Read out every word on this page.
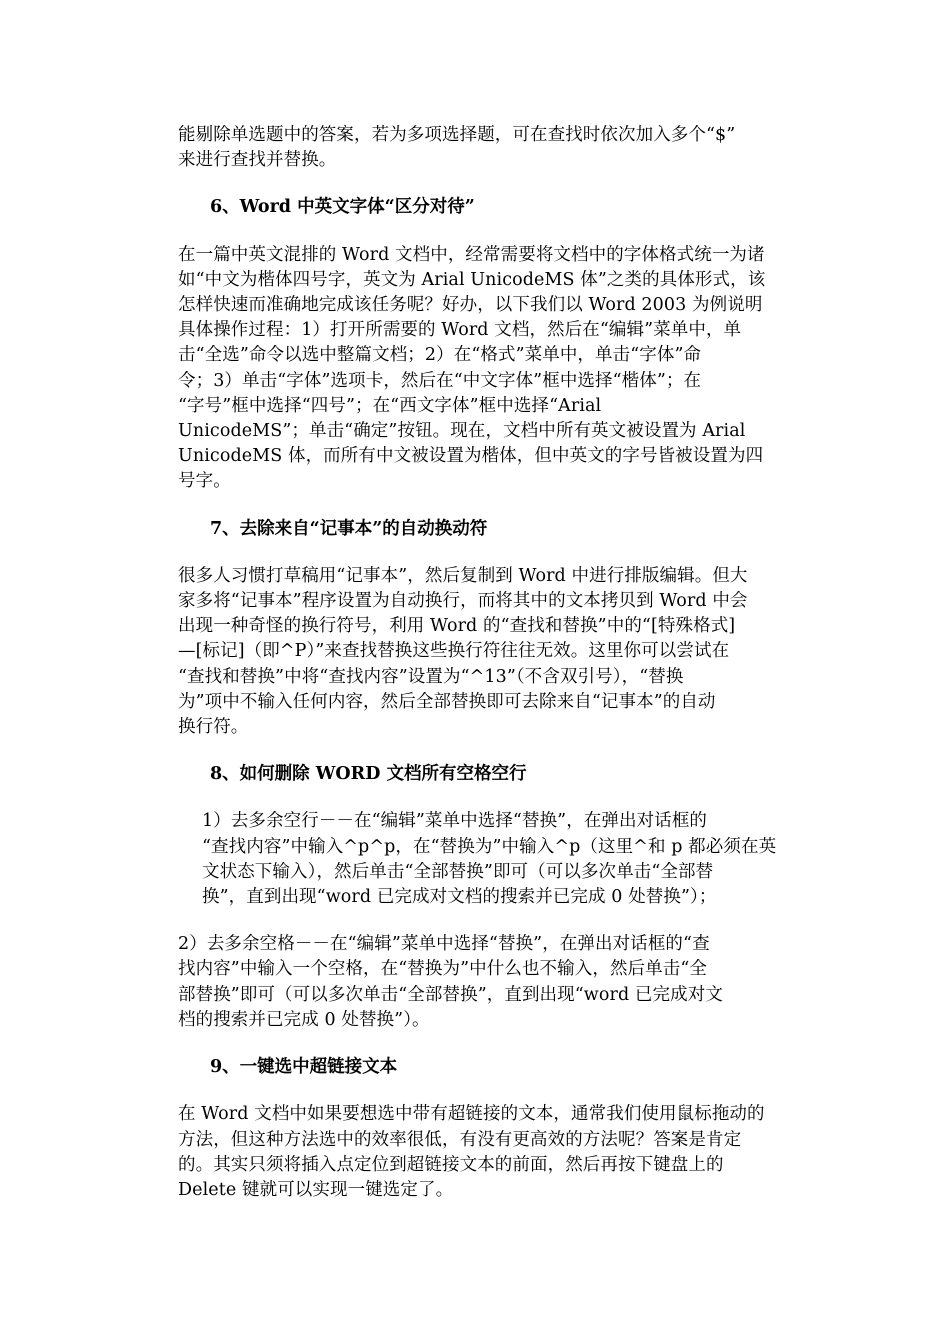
能剔除单选题中的答案，若为多项选择题，可在查找时依次加入多个“$”
来进行查找并替换。

6、Word 中英文字体“区分对待”

在一篇中英文混排的 Word 文档中，经常需要将文档中的字体格式统一为诸
如“中文为楷体四号字，英文为 Arial UnicodeMS 体”之类的具体形式，该
怎样快速而准确地完成该任务呢？好办，以下我们以 Word 2003 为例说明
具体操作过程：1）打开所需要的 Word 文档，然后在“编辑”菜单中，单
击“全选”命令以选中整篇文档；2）在“格式”菜单中，单击“字体”命
令；3）单击“字体”选项卡，然后在“中文字体”框中选择“楷体”；在
“字号”框中选择“四号”；在“西文字体”框中选择“Arial
UnicodeMS”；单击“确定”按钮。现在，文档中所有英文被设置为 Arial
UnicodeMS 体，而所有中文被设置为楷体，但中英文的字号皆被设置为四
号字。

7、去除来自“记事本”的自动换动符

很多人习惯打草稿用“记事本”，然后复制到 Word 中进行排版编辑。但大
家多将“记事本”程序设置为自动换行，而将其中的文本拷贝到 Word 中会
出现一种奇怪的换行符号，利用 Word 的“查找和替换”中的“[特殊格式]
—[标记]（即^P）”来查找替换这些换行符往往无效。这里你可以尝试在
“查找和替换”中将“查找内容”设置为“^13”（不含双引号），“替换
为”项中不输入任何内容，然后全部替换即可去除来自“记事本”的自动
换行符。

8、如何删除 WORD 文档所有空格空行

1）去多余空行－－在“编辑”菜单中选择“替换”，在弹出对话框的
“查找内容”中输入^p^p，在“替换为”中输入^p（这里^和 p 都必须在英
文状态下输入），然后单击“全部替换”即可（可以多次单击“全部替
换”，直到出现“word 已完成对文档的搜索并已完成 0 处替换”）；

2）去多余空格－－在“编辑”菜单中选择“替换”，在弹出对话框的“查
找内容”中输入一个空格，在“替换为”中什么也不输入，然后单击“全
部替换”即可（可以多次单击“全部替换”，直到出现“word 已完成对文
档的搜索并已完成 0 处替换”）。

9、一键选中超链接文本

在 Word 文档中如果要想选中带有超链接的文本，通常我们使用鼠标拖动的
方法，但这种方法选中的效率很低，有没有更高效的方法呢？答案是肯定
的。其实只须将插入点定位到超链接文本的前面，然后再按下键盘上的
Delete 键就可以实现一键选定了。
